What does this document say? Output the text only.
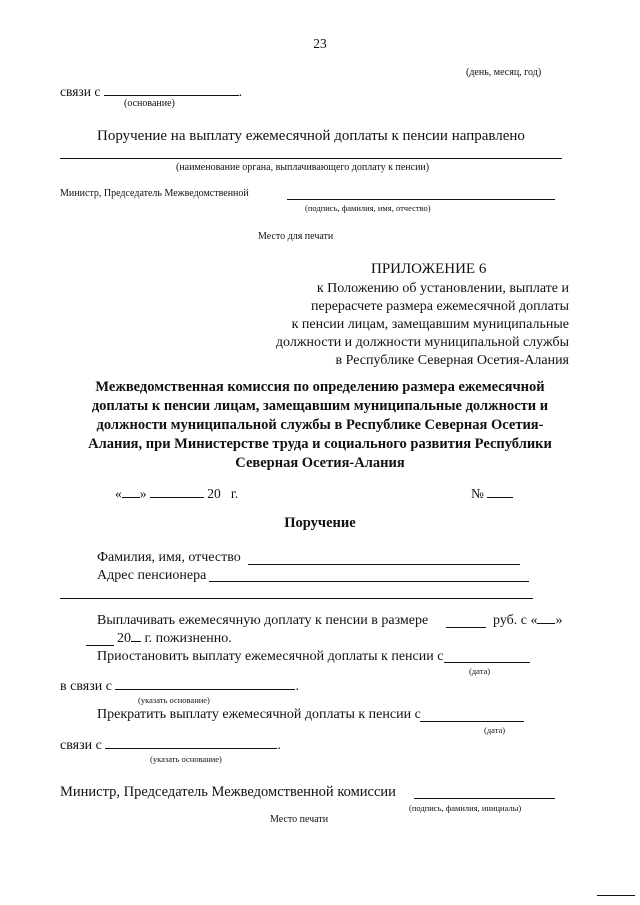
23
(день, месяц, год)
связи с	.
(основание)
Поручение на выплату ежемесячной доплаты к пенсии направлено
(наименование органа, выплачивающего доплату к пенсии)
Министр, Председатель Межведомственной
(подпись, фамилия, имя, отчество)
Место для печати
ПРИЛОЖЕНИЕ 6
к Положению об установлении, выплате и
перерасчете размера ежемесячной доплаты
к пенсии лицам, замещавшим муниципальные
должности и должности муниципальной службы
в Республике Северная Осетия-Алания
Межведомственная комиссия по определению размера ежемесячной
доплаты к пенсии лицам, замещавшим муниципальные должности и
должности муниципальной службы в Республике Северная Осетия-
Алания, при Министерстве труда и социального развития Республики
Северная Осетия-Алания
« »	20 г.	№
Поручение
Фамилия, имя, отчество
Адрес пенсионера
Выплачивать ежемесячную доплату к пенсии в размере	руб. с « »
20 г. пожизненно.
Приостановить выплату ежемесячной доплаты к пенсии с
(дата)
в связи с	.
(указать основание)
Прекратить выплату ежемесячной доплаты к пенсии с
(дата)
связи с	.
(указать основание)
Министр, Председатель Межведомственной комиссии
(подпись, фамилия, инициалы)
Место печати
